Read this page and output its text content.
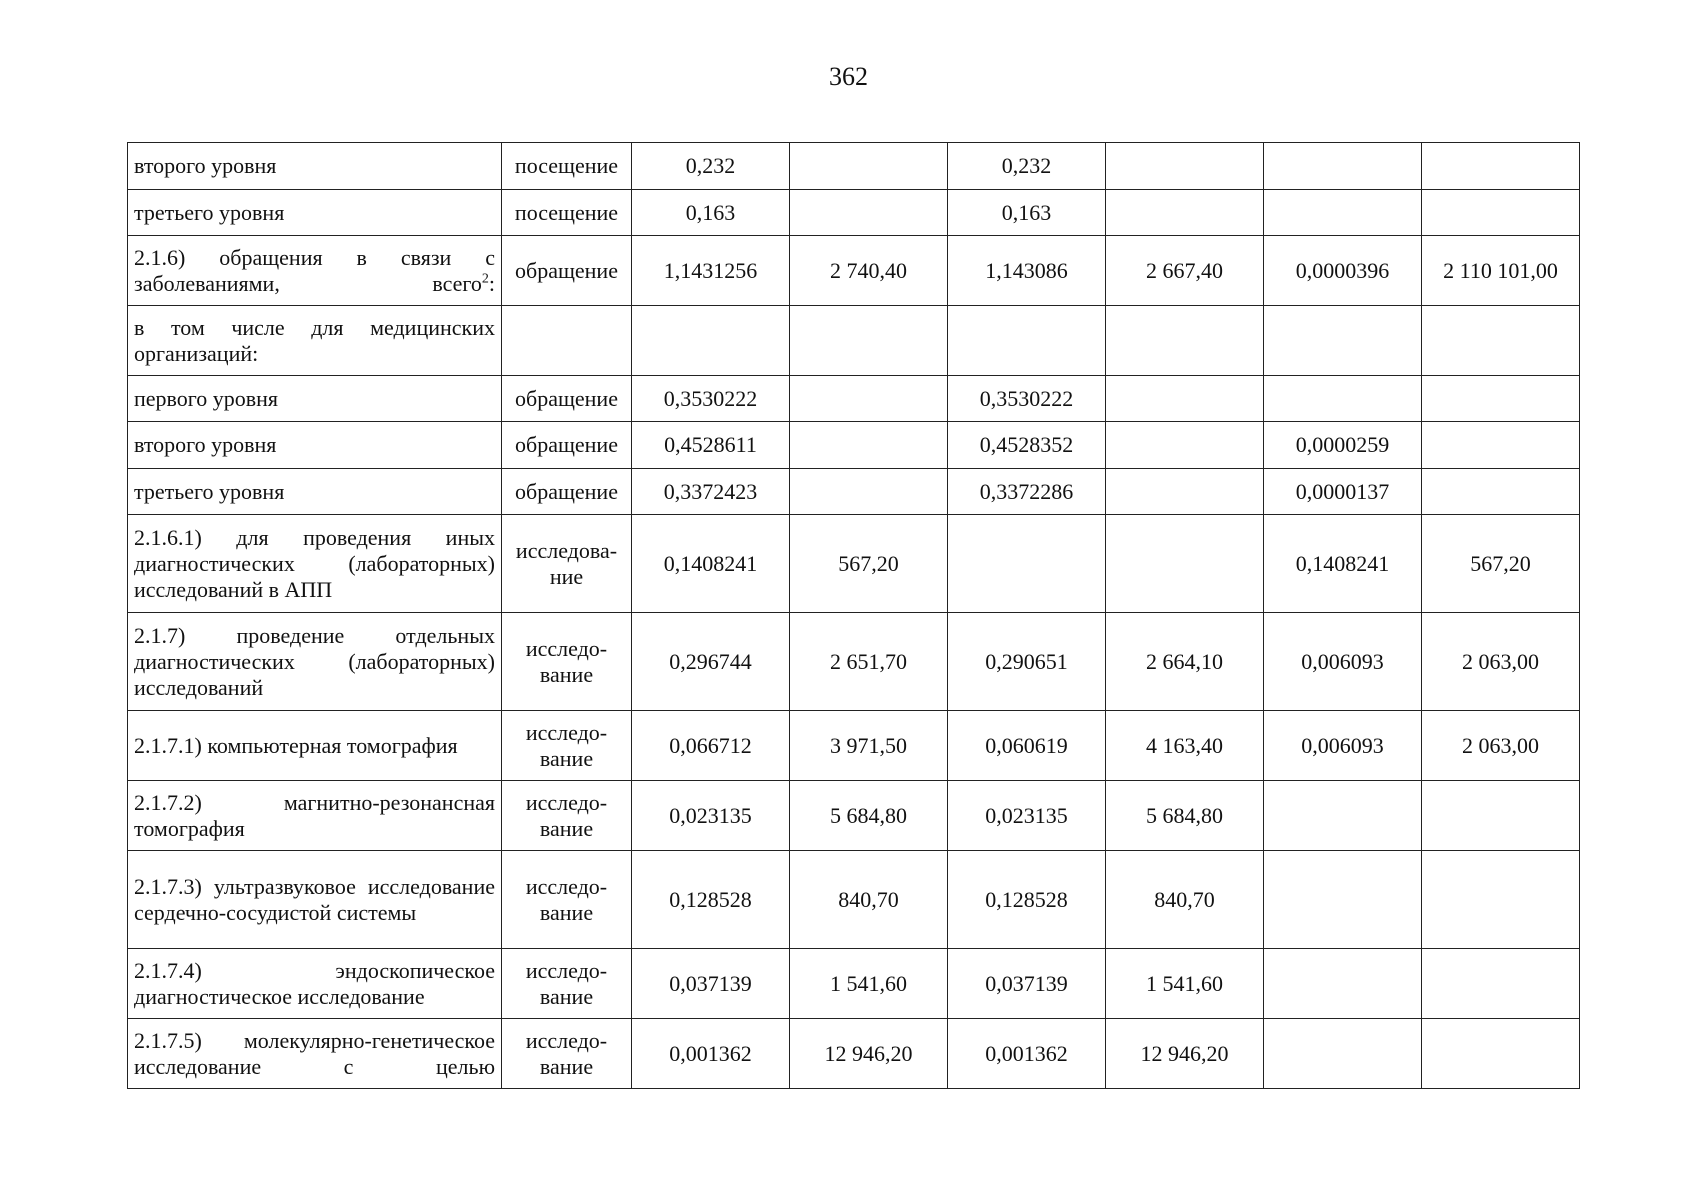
362
второго уровня	посещение	0,232		0,232			
третьего уровня	посещение	0,163		0,163			
2.1.6) обращения в связи с заболеваниями, всего$^2$:	обращение	1,1431256	2 740,40	1,143086	2 667,40	0,0000396	2 110 101,00
в том числе для медицинских организаций:							
первого уровня	обращение	0,3530222		0,3530222			
второго уровня	обращение	0,4528611		0,4528352		0,0000259	
третьего уровня	обращение	0,3372423		0,3372286		0,0000137	
2.1.6.1) для проведения иных диагностических (лабораторных) исследований в АПП	исследова-ние	0,1408241	567,20			0,1408241	567,20
2.1.7) проведение отдельных диагностических (лабораторных) исследований	исследо-вание	0,296744	2 651,70	0,290651	2 664,10	0,006093	2 063,00
2.1.7.1) компьютерная томография	исследо-вание	0,066712	3 971,50	0,060619	4 163,40	0,006093	2 063,00
2.1.7.2) магнитно-резонансная томография	исследо-вание	0,023135	5 684,80	0,023135	5 684,80		
2.1.7.3) ультразвуковое исследование сердечно-сосудистой системы	исследо-вание	0,128528	840,70	0,128528	840,70		
2.1.7.4) эндоскопическое диагностическое исследование	исследо-вание	0,037139	1 541,60	0,037139	1 541,60		
2.1.7.5) молекулярно-генетическое исследование с целью	исследо-вание	0,001362	12 946,20	0,001362	12 946,20		
